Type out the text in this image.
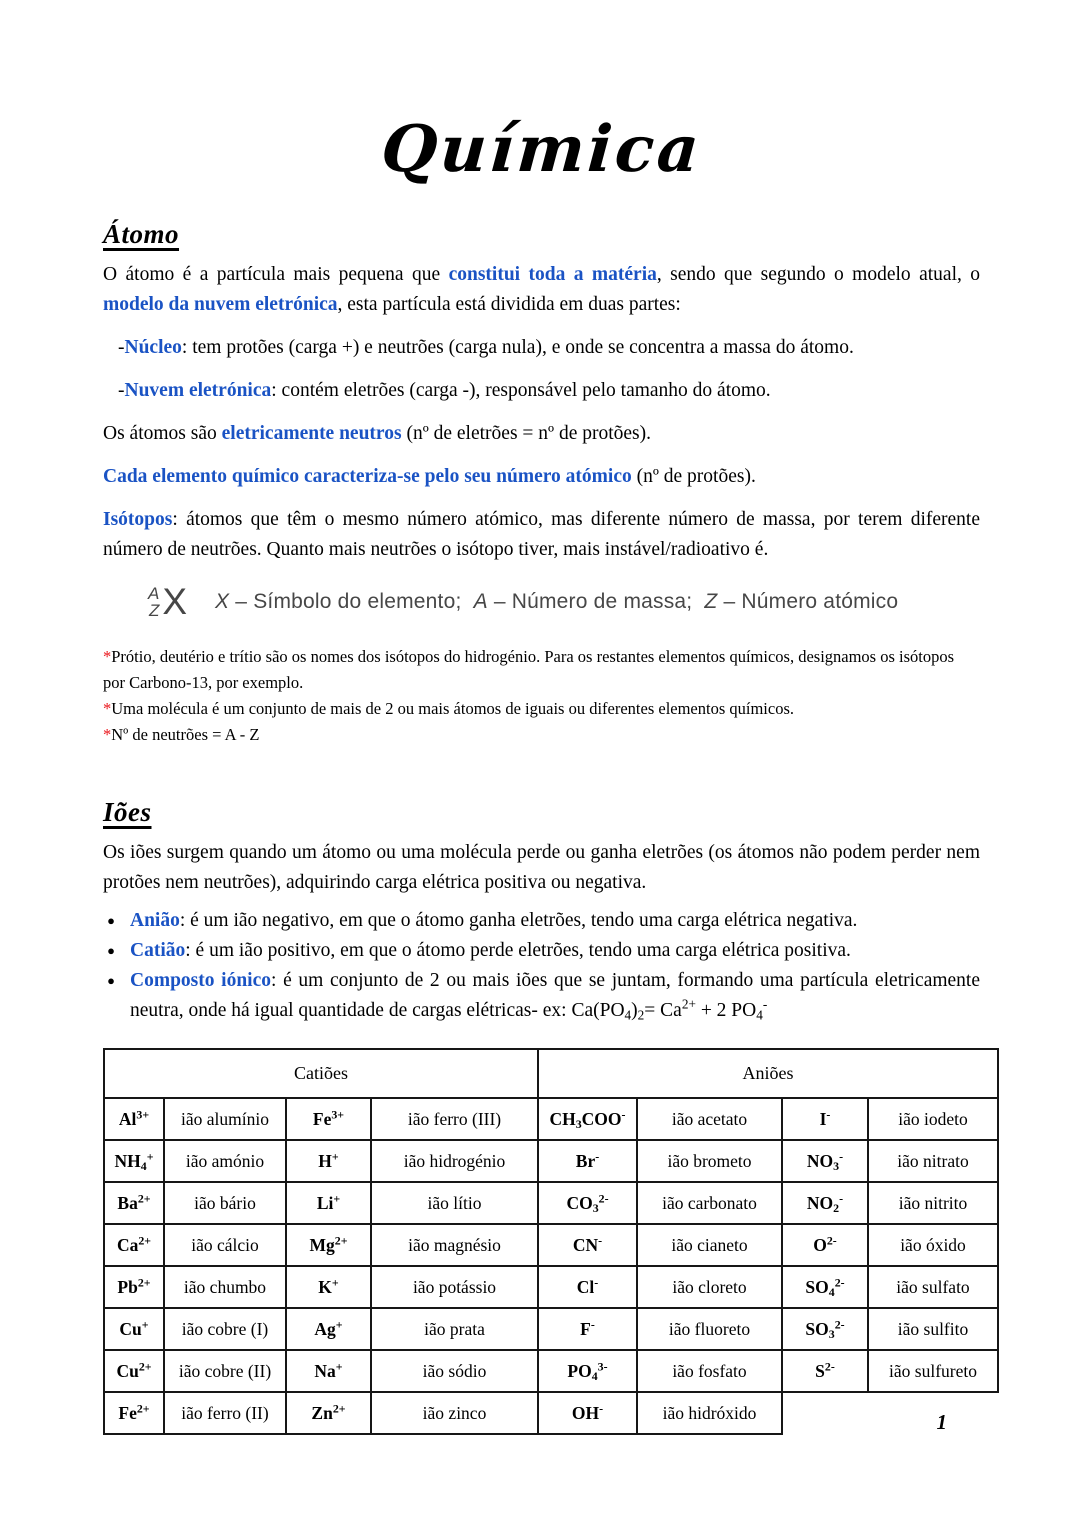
Química
Átomo

O átomo é a partícula mais pequena que constitui toda a matéria, sendo que segundo o modelo atual, o modelo da nuvem eletrónica, esta partícula está dividida em duas partes:

-Núcleo: tem protões (carga +) e neutrões (carga nula), e onde se concentra a massa do átomo.

-Nuvem eletrónica: contém eletrões (carga -), responsável pelo tamanho do átomo.

Os átomos são eletricamente neutros (nº de eletrões = nº de protões).

Cada elemento químico caracteriza-se pelo seu número atómico (nº de protões).

Isótopos: átomos que têm o mesmo número atómico, mas diferente número de massa, por terem diferente número de neutrões. Quanto mais neutrões o isótopo tiver, mais instável/radioativo é.

A
Z X X – Símbolo do elemento;  A – Número de massa;  Z – Número atómico

*Prótio, deutério e trítio são os nomes dos isótopos do hidrogénio. Para os restantes elementos químicos, designamos os isótopos por Carbono-13, por exemplo.

*Uma molécula é um conjunto de mais de 2 ou mais átomos de iguais ou diferentes elementos químicos.

*Nº de neutrões = A - Z

Iões

Os iões surgem quando um átomo ou uma molécula perde ou ganha eletrões (os átomos não podem perder nem protões nem neutrões), adquirindo carga elétrica positiva ou negativa.

● Anião: é um ião negativo, em que o átomo ganha eletrões, tendo uma carga elétrica negativa.
● Catião: é um ião positivo, em que o átomo perde eletrões, tendo uma carga elétrica positiva.
● Composto iónico: é um conjunto de 2 ou mais iões que se juntam, formando uma partícula eletricamente neutra, onde há igual quantidade de cargas elétricas- ex: $Ca(PO_4)_2= Ca^{2+} + 2$ $PO_4^-$
Catiões				Aniões			
$Al^{3+}$	ião alumínio	$Fe^{3+}$	ião ferro (III)	$CH_3COO^-$	ião acetato	I-	ião iodeto
$NH_4^+$	ião amónio	H+	ião hidrogénio	Br-	ião brometo	$NO_3^-$	ião nitrato
$Ba^{2+}$	ião bário	Li+	ião lítio	$CO_3^{2-}$	ião carbonato	$NO_2^-$	ião nitrito
$Ca^{2+}$	ião cálcio	$Mg^{2+}$	ião magnésio	CN-	ião cianeto	$O^{2-}$	ião óxido
$Pb^{2+}$	ião chumbo	K+	ião potássio	Cl-	ião cloreto	$SO_4^{2-}$	ião sulfato
Cu+	ião cobre (I)	Ag+	ião prata	F-	ião fluoreto	$SO_3^{2-}$	ião sulfito
$Cu^{2+}$	ião cobre (II)	Na+	ião sódio	$PO_4^{3-}$	ião fosfato	$S^{2-}$	ião sulfureto
$Fe^{2+}$	ião ferro (II)	$Zn^{2+}$	ião zinco	OH-	ião hidróxido			1
